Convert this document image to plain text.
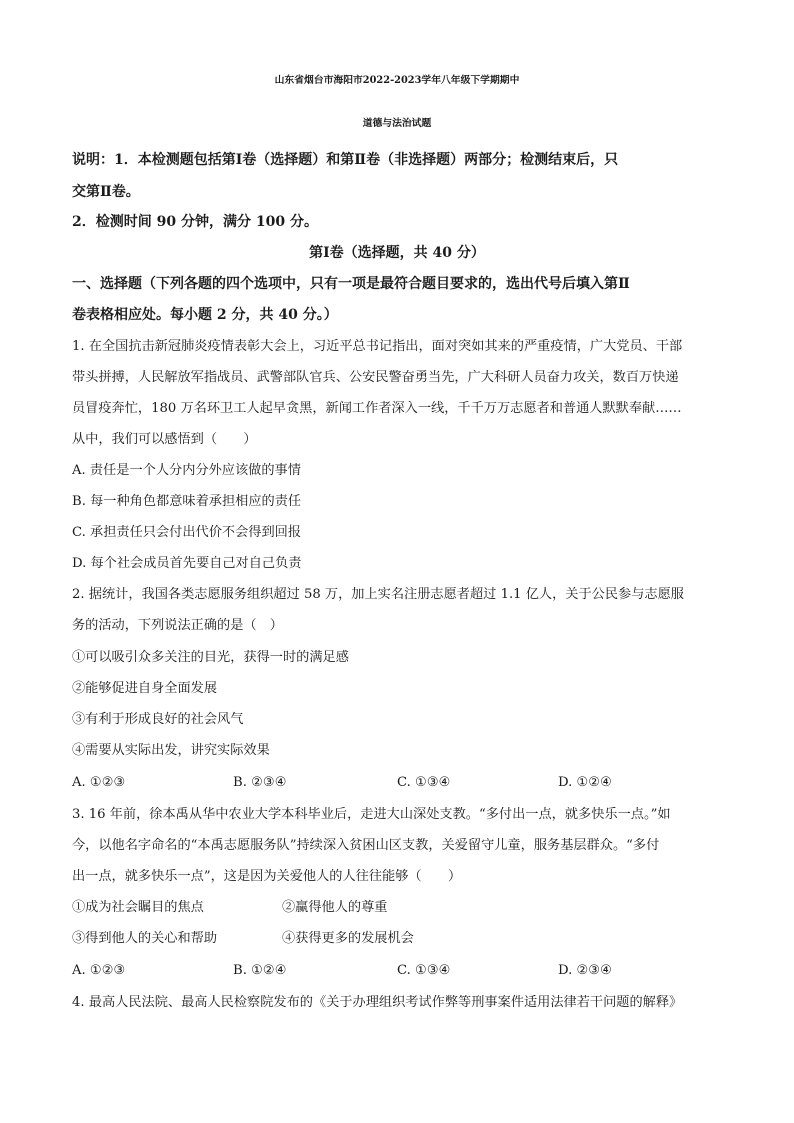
山东省烟台市海阳市2022-2023学年八年级下学期期中
道德与法治试题
说明：1．本检测题包括第Ⅰ卷（选择题）和第Ⅱ卷（非选择题）两部分；检测结束后，只
交第Ⅱ卷。
2．检测时间 90 分钟，满分 100 分。
第Ⅰ卷（选择题，共 40 分）
一、选择题（下列各题的四个选项中，只有一项是最符合题目要求的，选出代号后填入第Ⅱ
卷表格相应处。每小题 2 分，共 40 分。）
1. 在全国抗击新冠肺炎疫情表彰大会上，习近平总书记指出，面对突如其来的严重疫情，广大党员、干部
带头拼搏，人民解放军指战员、武警部队官兵、公安民警奋勇当先，广大科研人员奋力攻关，数百万快递
员冒疫奔忙，180 万名环卫工人起早贪黑，新闻工作者深入一线，千千万万志愿者和普通人默默奉献……
从中，我们可以感悟到（　　）
A. 责任是一个人分内分外应该做的事情
B. 每一种角色都意味着承担相应的责任
C. 承担责任只会付出代价不会得到回报
D. 每个社会成员首先要自己对自己负责
2. 据统计，我国各类志愿服务组织超过 58 万，加上实名注册志愿者超过 1.1 亿人，关于公民参与志愿服
务的活动，下列说法正确的是（　）
①可以吸引众多关注的目光，获得一时的满足感
②能够促进自身全面发展
③有利于形成良好的社会风气
④需要从实际出发，讲究实际效果
A. ①②③	B. ②③④	C. ①③④	D. ①②④
3. 16 年前，徐本禹从华中农业大学本科毕业后，走进大山深处支教。“多付出一点，就多快乐一点。”如
今，以他名字命名的“本禹志愿服务队”持续深入贫困山区支教，关爱留守儿童，服务基层群众。“多付
出一点，就多快乐一点”，这是因为关爱他人的人往往能够（　　）
①成为社会瞩目的焦点	②赢得他人的尊重
③得到他人的关心和帮助	④获得更多的发展机会
A. ①②③	B. ①②④	C. ①③④	D. ②③④
4. 最高人民法院、最高人民检察院发布的《关于办理组织考试作弊等刑事案件适用法律若干问题的解释》
